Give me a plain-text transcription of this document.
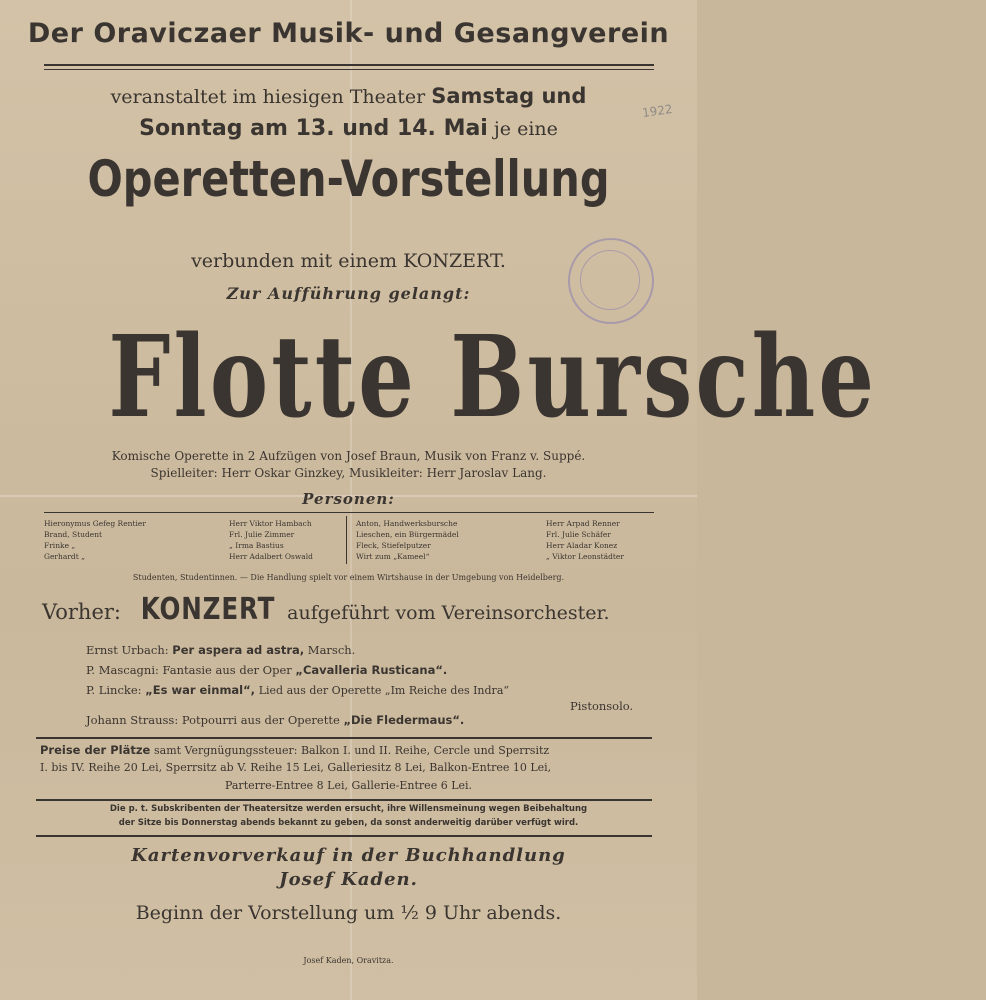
Der Oraviczaer Musik- und Gesangverein
veranstaltet im hiesigen Theater Samstag und
Sonntag am 13. und 14. Mai je eine
1922
Operetten-Vorstellung
verbunden mit einem KONZERT.
Zur Aufführung gelangt:
Flotte Bursche
Komische Operette in 2 Aufzügen von Josef Braun, Musik von Franz v. Suppé.
Spielleiter: Herr Oskar Ginzkey, Musikleiter: Herr Jaroslav Lang.
Personen:
Hieronymus Gefeg Rentier	Herr Viktor Hambach
Brand, Student	Frl. Julie Zimmer
Frinke „	„ Irma Bastius
Gerhardt „	Herr Adalbert Oswald
Anton, Handwerksbursche	Herr Arpad Renner
Lieschen, ein Bürgermädel	Frl. Julie Schäfer
Fleck, Stiefelputzer	Herr Aladar Konez
Wirt zum „Kameel“	„ Viktor Leonstädter
Studenten, Studentinnen. — Die Handlung spielt vor einem Wirtshause in der Umgebung von Heidelberg.
Vorher: KONZERT aufgeführt vom Vereinsorchester.
Ernst Urbach: Per aspera ad astra, Marsch.
P. Mascagni: Fantasie aus der Oper „Cavalleria Rusticana“.
P. Lincke: „Es war einmal“, Lied aus der Operette „Im Reiche des Indra“
Pistonsolo.
Johann Strauss: Potpourri aus der Operette „Die Fledermaus“.
Preise der Plätze samt Vergnügungssteuer: Balkon I. und II. Reihe, Cercle und Sperrsitz
I. bis IV. Reihe 20 Lei, Sperrsitz ab V. Reihe 15 Lei, Galleriesitz 8 Lei, Balkon-Entree 10 Lei,
Parterre-Entree 8 Lei, Gallerie-Entree 6 Lei.
Die p. t. Subskribenten der Theatersitze werden ersucht, ihre Willensmeinung wegen Beibehaltung
der Sitze bis Donnerstag abends bekannt zu geben, da sonst anderweitig darüber verfügt wird.
Kartenvorverkauf in der Buchhandlung
Josef Kaden.
Beginn der Vorstellung um ½ 9 Uhr abends.
Josef Kaden, Oravitza.
